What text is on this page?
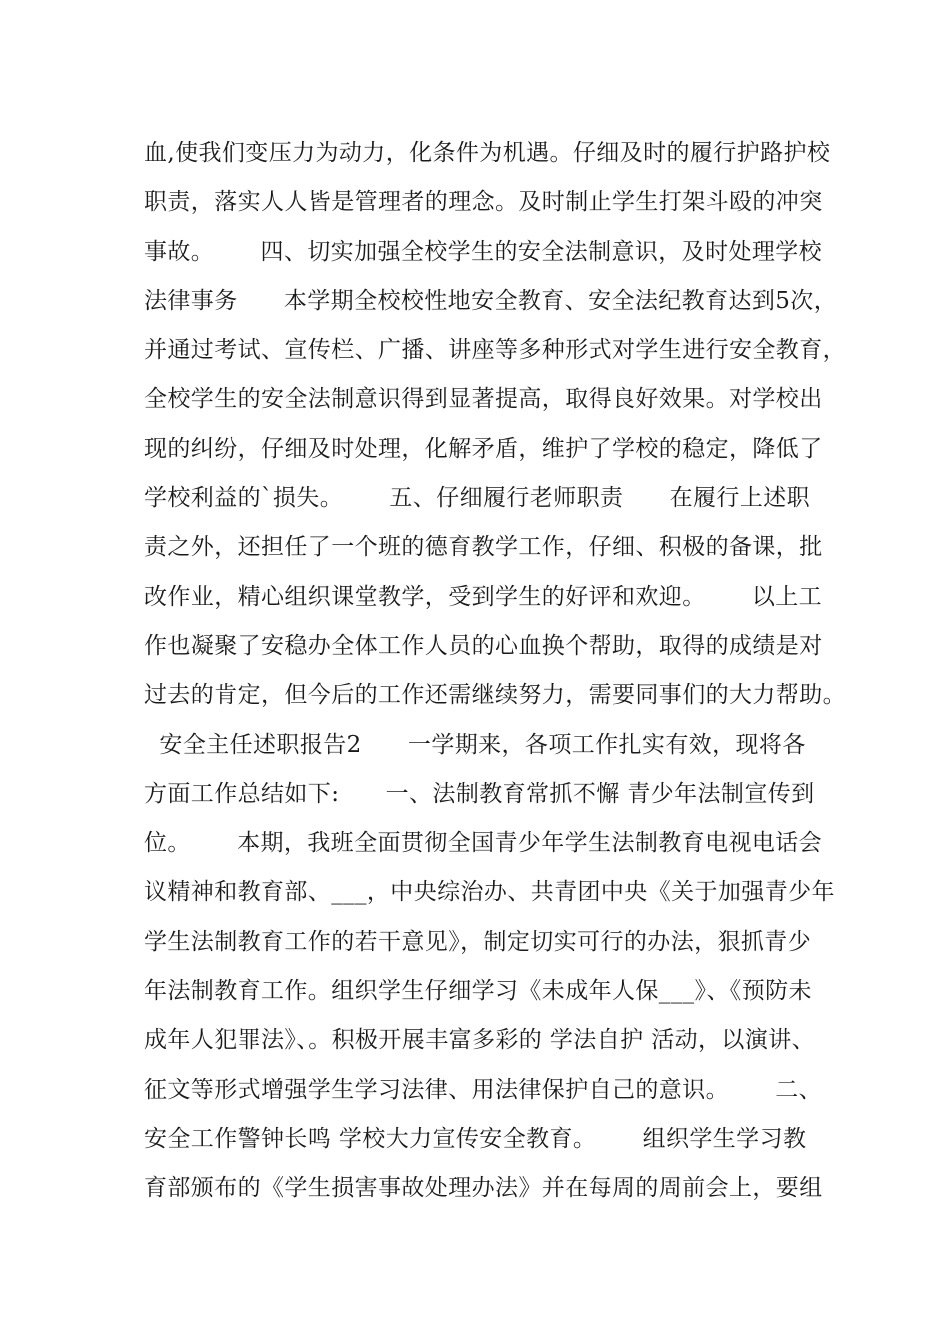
血,使我们变压力为动力，化条件为机遇。仔细及时的履行护路护校
职责，落实人人皆是管理者的理念。及时制止学生打架斗殴的冲突
事故。      四、切实加强全校学生的安全法制意识，及时处理学校
法律事务      本学期全校校性地安全教育、安全法纪教育达到5次，
并通过考试、宣传栏、广播、讲座等多种形式对学生进行安全教育，
全校学生的安全法制意识得到显著提高，取得良好效果。对学校出
现的纠纷，仔细及时处理，化解矛盾，维护了学校的稳定，降低了
学校利益的`损失。      五、仔细履行老师职责      在履行上述职
责之外，还担任了一个班的德育教学工作，仔细、积极的备课，批
改作业，精心组织课堂教学，受到学生的好评和欢迎。      以上工
作也凝聚了安稳办全体工作人员的心血换个帮助，取得的成绩是对
过去的肯定，但今后的工作还需继续努力，需要同事们的大力帮助。
安全主任述职报告2      一学期来，各项工作扎实有效，现将各
方面工作总结如下:      一、法制教育常抓不懈 青少年法制宣传到
位。      本期，我班全面贯彻全国青少年学生法制教育电视电话会
议精神和教育部、___，中央综治办、共青团中央《关于加强青少年
学生法制教育工作的若干意见》，制定切实可行的办法，狠抓青少
年法制教育工作。组织学生仔细学习《未成年人保___》、《预防未
成年人犯罪法》、。积极开展丰富多彩的 学法自护 活动，以演讲、
征文等形式增强学生学习法律、用法律保护自己的意识。      二、
安全工作警钟长鸣 学校大力宣传安全教育。      组织学生学习教
育部颁布的《学生损害事故处理办法》并在每周的周前会上，要组
